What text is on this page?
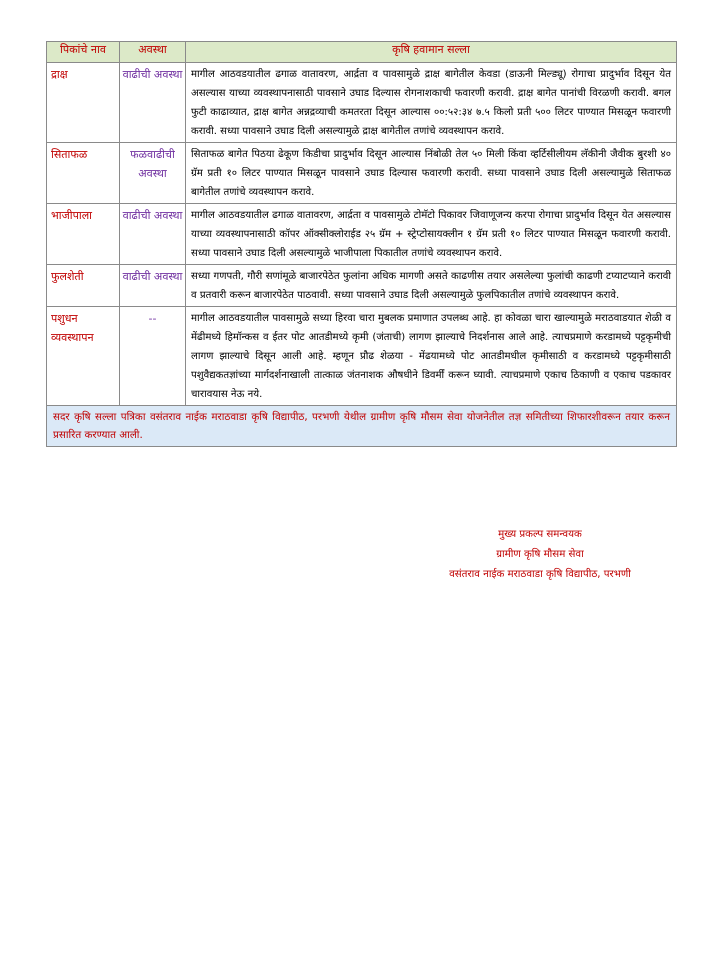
पिकांचे नाव	अवस्था	कृषि हवामान सल्ला
द्राक्ष	वाढीची अवस्था	मागील आठवडयातील ढगाळ वातावरण, आर्द्रता व पावसामुळे द्राक्ष बागेतील केवडा (डाऊनी मिल्ड्यू) रोगाचा प्रादुर्भाव दिसून येत असल्यास याच्या व्यवस्थापनासाठी पावसाने उघाड दिल्यास रोगनाशकाची फवारणी करावी. द्राक्ष बागेत पानांची विरळणी करावी. बगल फुटी काढाव्यात, द्राक्ष बागेत अन्नद्रव्याची कमतरता दिसून आल्यास ००:५२:३४ ७.५ किलो प्रती ५०० लिटर पाण्यात मिसळून फवारणी करावी. सध्या पावसाने उघाड दिली असल्यामुळे द्राक्ष बागेतील तणांचे व्यवस्थापन करावे.
सिताफळ	फळवाढीची अवस्था	सिताफळ बागेत पिठया ढेकूण किडीचा प्रादुर्भाव दिसून आल्यास निंबोळी तेल ५० मिली किंवा व्हर्टिसीलीयम लॅकीनी जैवीक बुरशी ४० ग्रॅम प्रती १० लिटर पाण्यात मिसळून पावसाने उघाड दिल्यास फवारणी करावी. सध्या पावसाने उघाड दिली असल्यामुळे सिताफळ बागेतील तणांचे व्यवस्थापन करावे.
भाजीपाला	वाढीची अवस्था	मागील आठवडयातील ढगाळ वातावरण, आर्द्रता व पावसामुळे टोमॅटो पिकावर जिवाणूजन्य करपा रोगाचा प्रादुर्भाव दिसून येत असल्यास याच्या व्यवस्थापनासाठी कॉपर ऑक्सीक्लोराईड २५ ग्रॅम + स्ट्रेप्टोसायक्लीन १ ग्रॅम प्रती १० लिटर पाण्यात मिसळून फवारणी करावी. सध्या पावसाने उघाड दिली असल्यामुळे भाजीपाला पिकातील तणांचे व्यवस्थापन करावे.
फुलशेती	वाढीची अवस्था	सध्या गणपती, गौरी सणांमूळे बाजारपेठेत फुलांना अधिक मागणी असते काढणीस तयार असलेल्या फुलांची काढणी टप्याटप्याने करावी व प्रतवारी करून बाजारपेठेत पाठवावी. सध्या पावसाने उघाड दिली असल्यामुळे फुलपिकातील तणांचे व्यवस्थापन करावे.
पशुधन व्यवस्थापन	--	मागील आठवडयातील पावसामुळे सध्या हिरवा चारा मुबलक प्रमाणात उपलब्ध आहे. हा कोवळा चारा खाल्यामुळे मराठवाडयात शेळी व मेंढीमध्ये हिमॉन्कस व ईतर पोट आतडीमध्ये कृमी (जंताची) लागण झाल्याचे निदर्शनास आले आहे. त्याचप्रमाणे करडामध्ये पट्टकृमीची लागण झाल्याचे दिसून आली आहे. म्हणून प्रौढ शेळया - मेंढयामध्ये पोट आतडीमधील कृमीसाठी व करडामध्ये पट्टकृमीसाठी पशुवैद्यकतज्ञांच्या मार्गदर्शनाखाली तात्काळ जंतनाशक औषधीने डिवर्मीं करून घ्यावी. त्याचप्रमाणे एकाच ठिकाणी व एकाच पडकावर चारावयास नेऊ नये.
सदर कृषि सल्ला पत्रिका वसंतराव नाईक मराठवाडा कृषि विद्यापीठ, परभणी येथील ग्रामीण कृषि मौसम सेवा योजनेतील तज्ञ समितीच्या शिफारशीवरून तयार करून प्रसारित करण्यात आली.		
मुख्य प्रकल्प समन्वयक
ग्रामीण कृषि मौसम सेवा
वसंतराव नाईक मराठवाडा कृषि विद्यापीठ, परभणी
